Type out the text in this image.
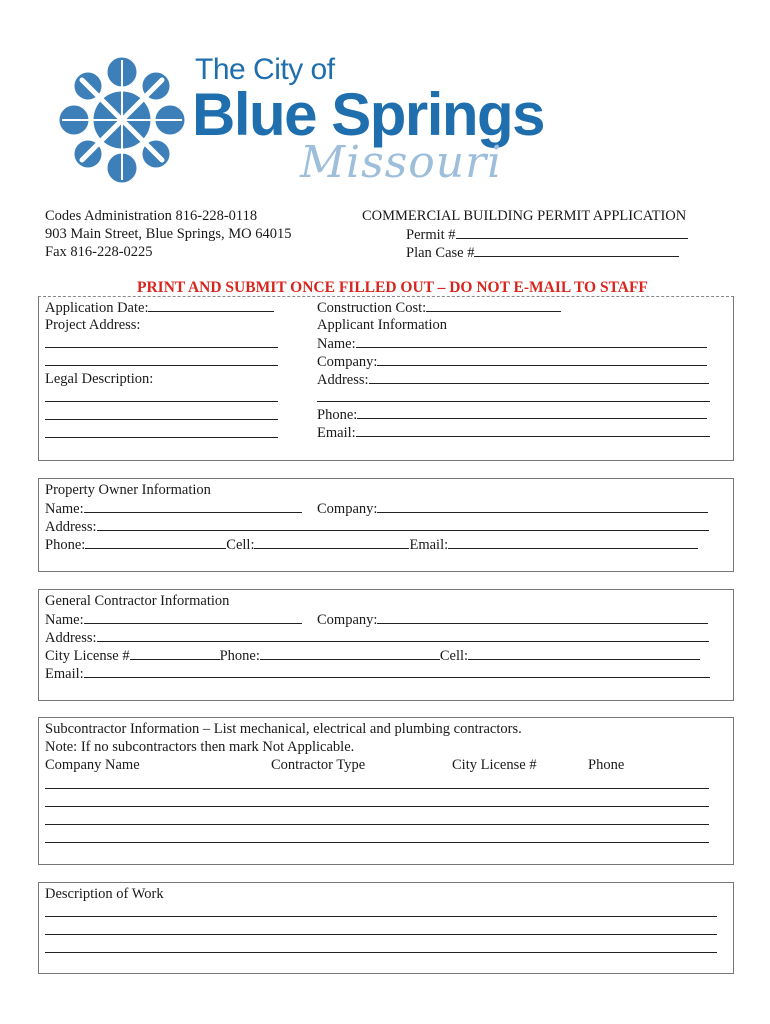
The City of
Blue Springs
Missouri
Codes Administration 816-228-0118
903 Main Street, Blue Springs, MO 64015
Fax 816-228-0225
COMMERCIAL BUILDING PERMIT APPLICATION
Permit #
Plan Case #
PRINT AND SUBMIT ONCE FILLED OUT – DO NOT E-MAIL TO STAFF
Application Date:
Project Address:
Legal Description:
Construction Cost:
Applicant Information
Name:
Company:
Address:
Phone:
Email:
Property Owner Information
Name:	Company:
Address:
Phone:	Cell:	Email:
General Contractor Information
Name:	Company:
Address:
City License #	Phone:	Cell:
Email:
Subcontractor Information – List mechanical, electrical and plumbing contractors.
Note: If no subcontractors then mark Not Applicable.
Company Name	Contractor Type	City License #	Phone
Description of Work
